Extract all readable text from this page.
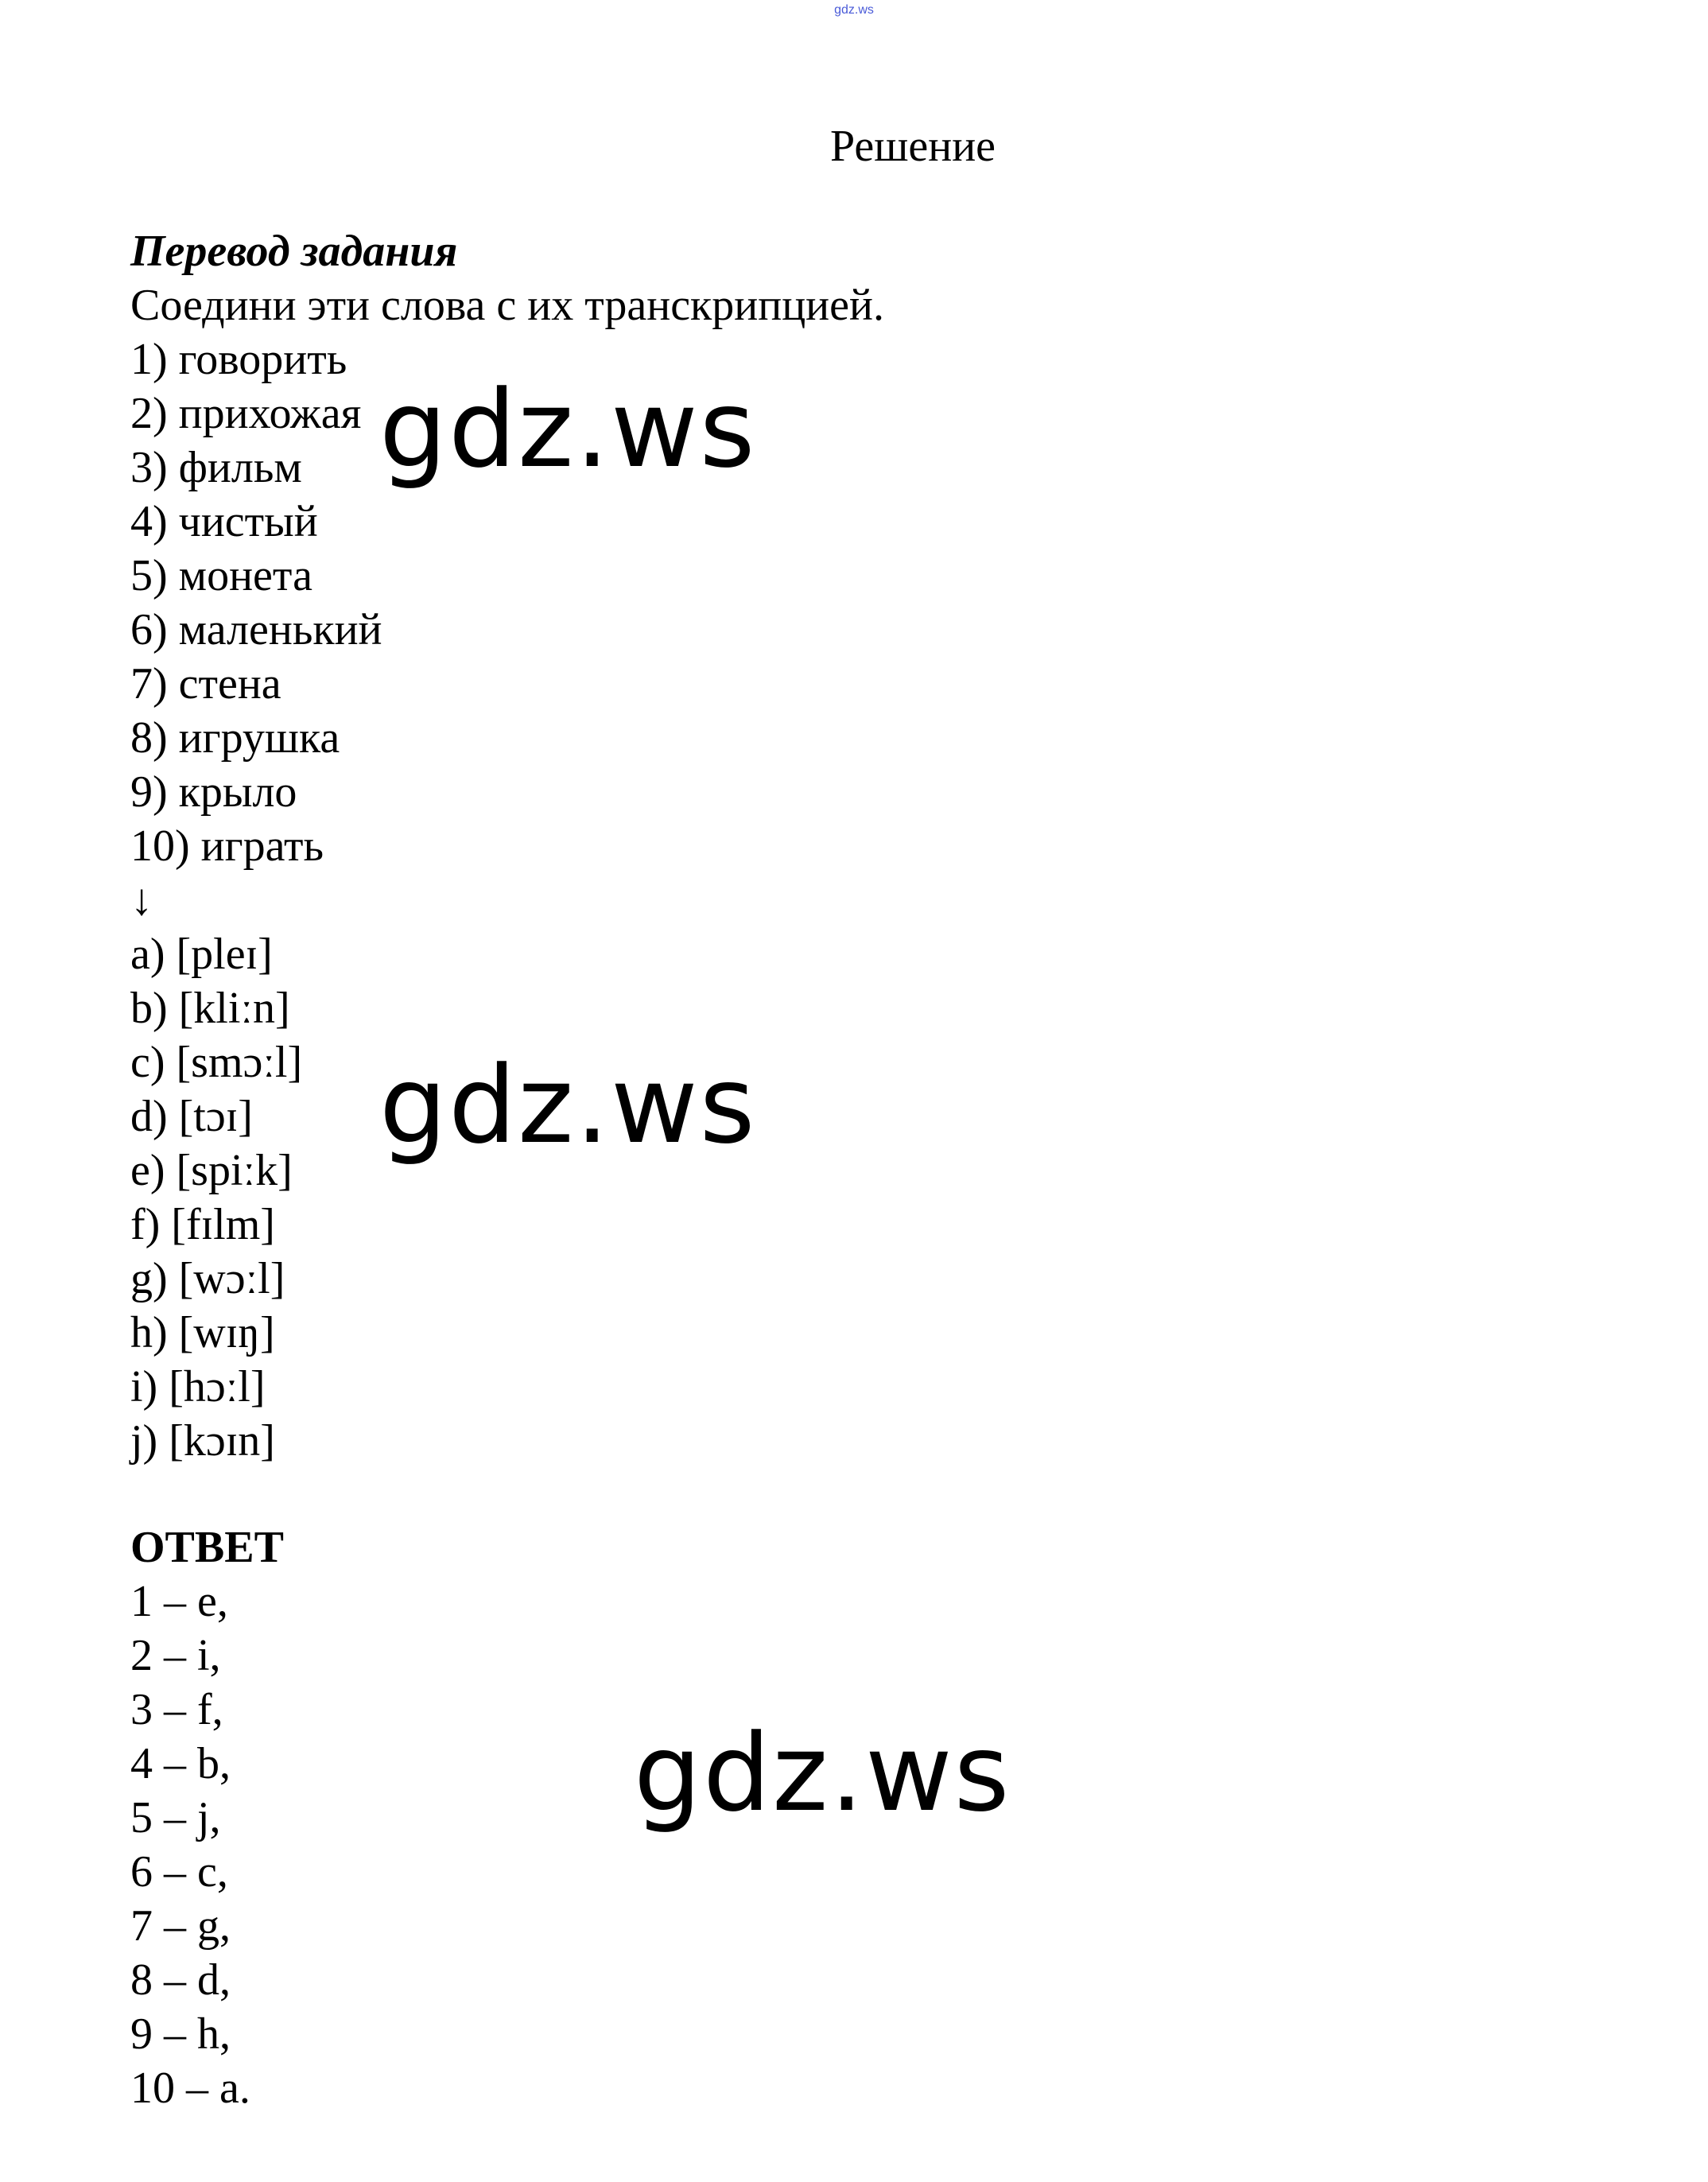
gdz.ws
Решение
Перевод задания
Соедини эти слова с их транскрипцией.
1) говорить
2) прихожая
3) фильм
4) чистый
5) монета
6) маленький
7) стена
8) игрушка
9) крыло
10) играть
↓
a) [pleɪ]
b) [kliːn]
c) [smɔːl]
d) [tɔɪ]
e) [spiːk]
f) [fɪlm]
g) [wɔːl]
h) [wɪŋ]
i) [hɔːl]
j) [kɔɪn]
ОТВЕТ
1 – e,
2 – i,
3 – f,
4 – b,
5 – j,
6 – c,
7 – g,
8 – d,
9 – h,
10 – a.
gdz.ws
gdz.ws
gdz.ws
